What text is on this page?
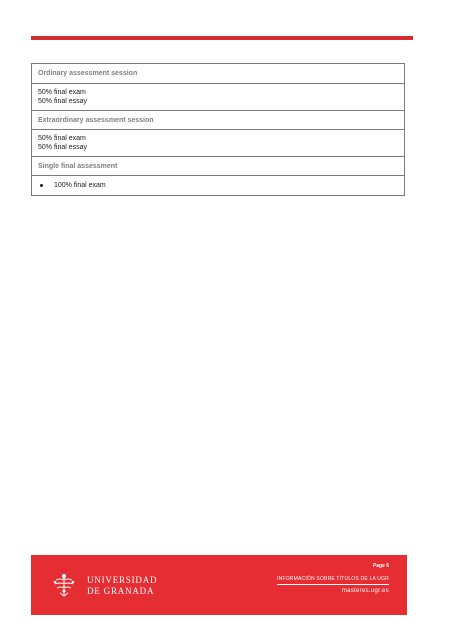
Ordinary assessment session
50% final exam
50% final essay
Extraordinary assessment session
50% final exam
50% final essay
Single final assessment
100% final exam
UNIVERSIDAD
DE GRANADA
Page 6
INFORMACIÓN SOBRE TÍTULOS DE LA UGR
masteres.ugr.es
